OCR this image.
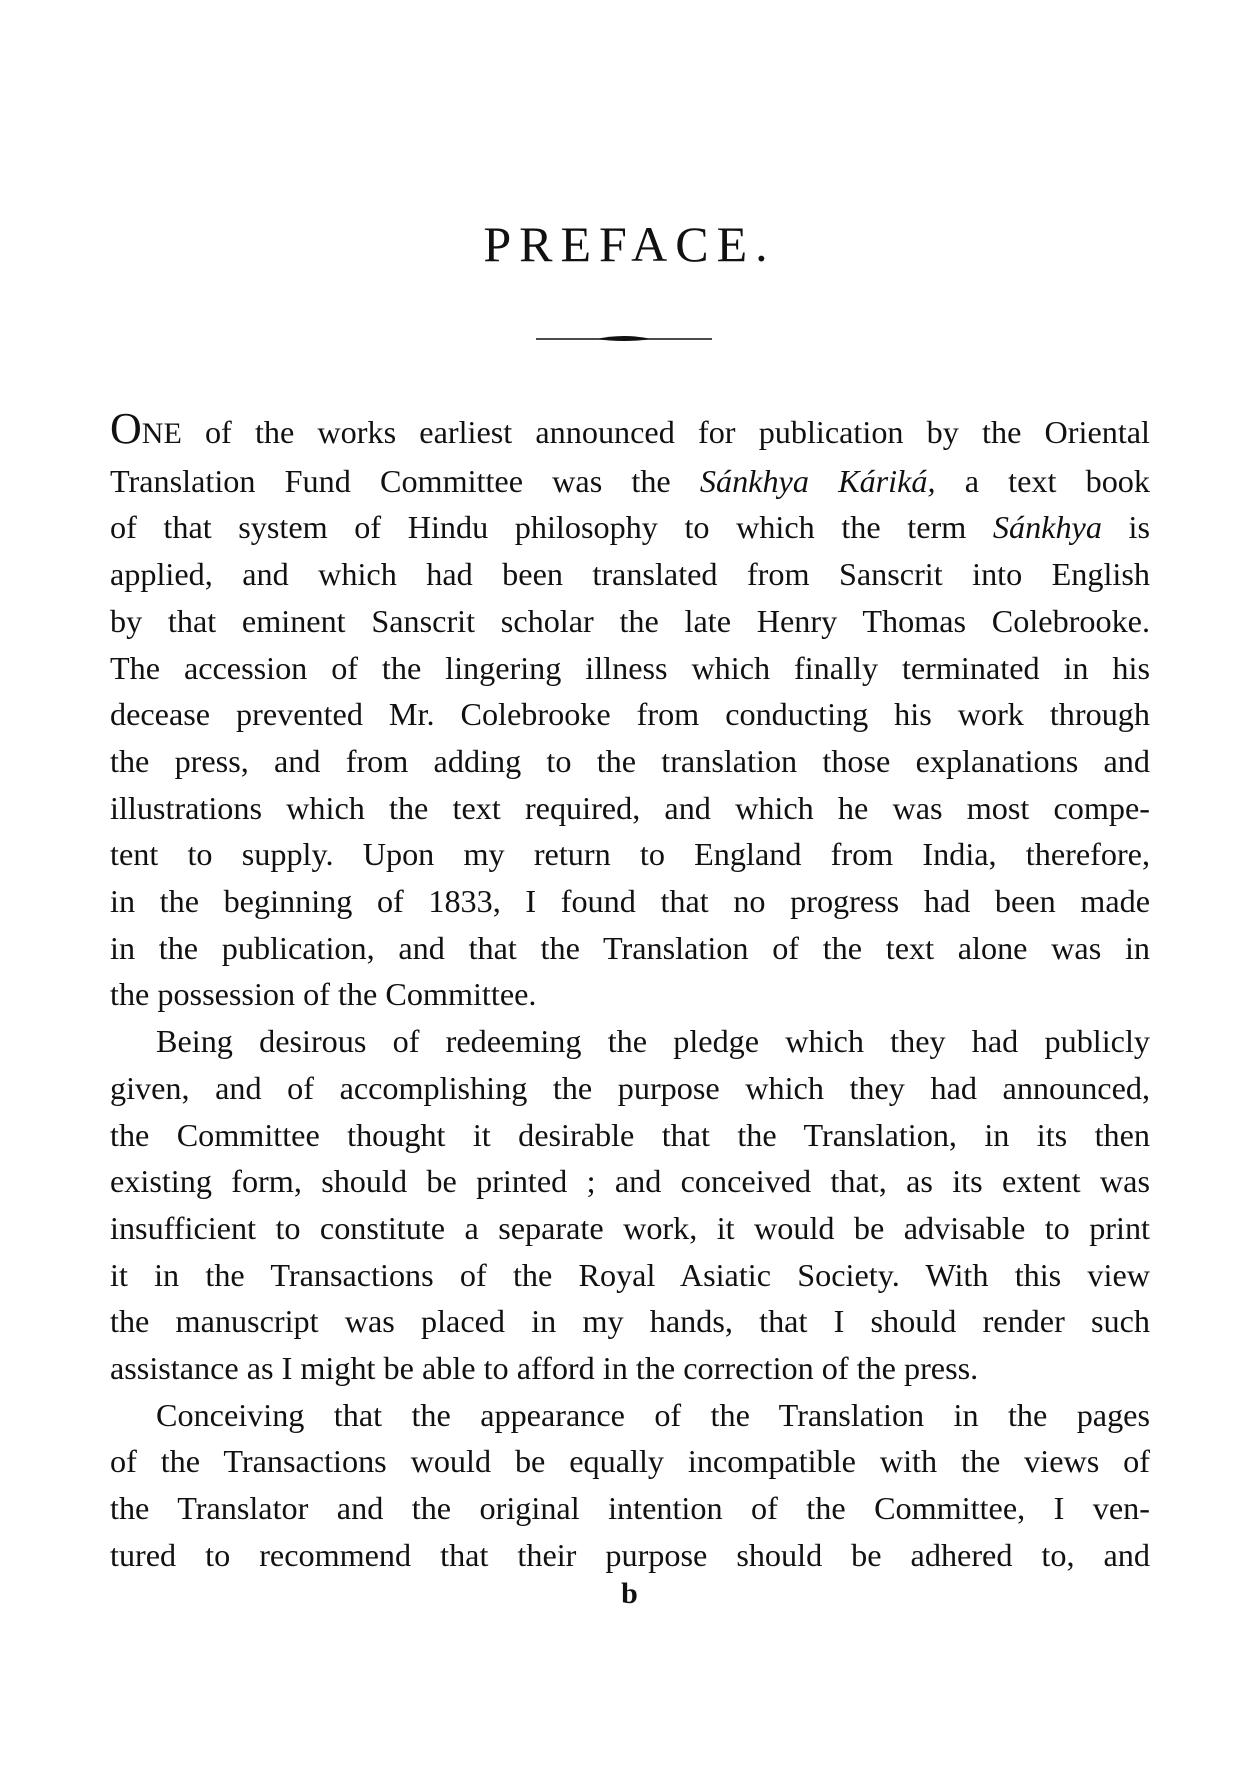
PREFACE.

ONE of the works earliest announced for publication by the Oriental
Translation Fund Committee was the Sánkhya Káriká, a text book
of that system of Hindu philosophy to which the term Sánkhya is
applied, and which had been translated from Sanscrit into English
by that eminent Sanscrit scholar the late Henry Thomas Colebrooke.
The accession of the lingering illness which finally terminated in his
decease prevented Mr. Colebrooke from conducting his work through
the press, and from adding to the translation those explanations and
illustrations which the text required, and which he was most compe-
tent to supply. Upon my return to England from India, therefore,
in the beginning of 1833, I found that no progress had been made
in the publication, and that the Translation of the text alone was in
the possession of the Committee.

Being desirous of redeeming the pledge which they had publicly
given, and of accomplishing the purpose which they had announced,
the Committee thought it desirable that the Translation, in its then
existing form, should be printed ; and conceived that, as its extent was
insufficient to constitute a separate work, it would be advisable to print
it in the Transactions of the Royal Asiatic Society. With this view
the manuscript was placed in my hands, that I should render such
assistance as I might be able to afford in the correction of the press.

Conceiving that the appearance of the Translation in the pages
of the Transactions would be equally incompatible with the views of
the Translator and the original intention of the Committee, I ven-
tured to recommend that their purpose should be adhered to, and

b
